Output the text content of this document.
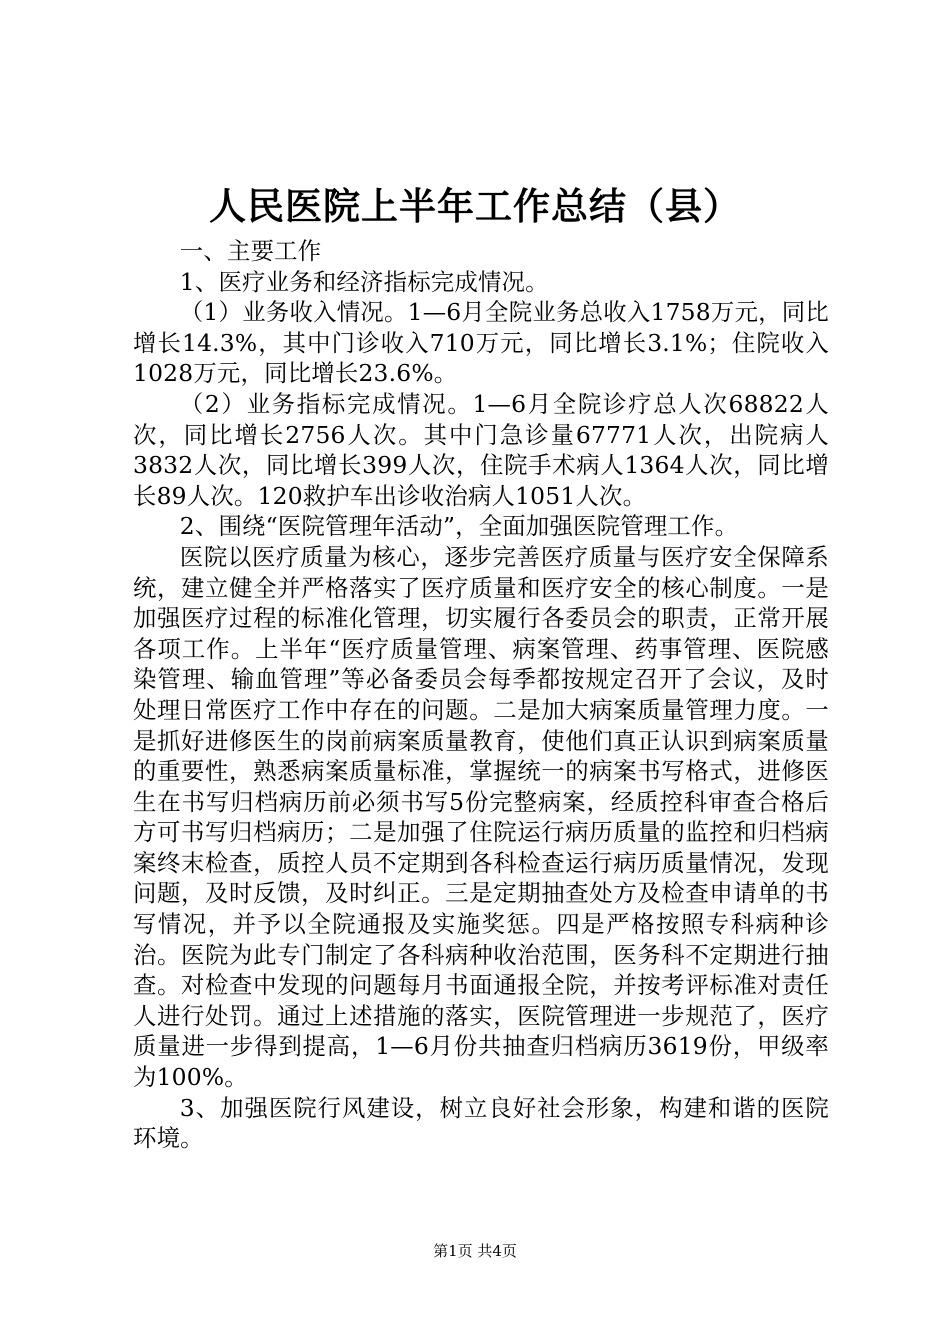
人民医院上半年工作总结（县）

一、主要工作

1、医疗业务和经济指标完成情况。

（1）业务收入情况。1—6月全院业务总收入1758万元，同比增长14.3%，其中门诊收入710万元，同比增长3.1%；住院收入1028万元，同比增长23.6%。

（2）业务指标完成情况。1—6月全院诊疗总人次68822人次，同比增长2756人次。其中门急诊量67771人次，出院病人3832人次，同比增长399人次，住院手术病人1364人次，同比增长89人次。120救护车出诊收治病人1051人次。

2、围绕“医院管理年活动”，全面加强医院管理工作。

医院以医疗质量为核心，逐步完善医疗质量与医疗安全保障系统，建立健全并严格落实了医疗质量和医疗安全的核心制度。一是加强医疗过程的标准化管理，切实履行各委员会的职责，正常开展各项工作。上半年“医疗质量管理、病案管理、药事管理、医院感染管理、输血管理”等必备委员会每季都按规定召开了会议，及时处理日常医疗工作中存在的问题。二是加大病案质量管理力度。一是抓好进修医生的岗前病案质量教育，使他们真正认识到病案质量的重要性，熟悉病案质量标准，掌握统一的病案书写格式，进修医生在书写归档病历前必须书写5份完整病案，经质控科审查合格后方可书写归档病历；二是加强了住院运行病历质量的监控和归档病案终末检查，质控人员不定期到各科检查运行病历质量情况，发现问题，及时反馈，及时纠正。三是定期抽查处方及检查申请单的书写情况，并予以全院通报及实施奖惩。四是严格按照专科病种诊治。医院为此专门制定了各科病种收治范围，医务科不定期进行抽查。对检查中发现的问题每月书面通报全院，并按考评标准对责任人进行处罚。通过上述措施的落实，医院管理进一步规范了，医疗质量进一步得到提高，1—6月份共抽查归档病历3619份，甲级率为100%。

3、加强医院行风建设，树立良好社会形象，构建和谐的医院环境。

第1页 共4页
